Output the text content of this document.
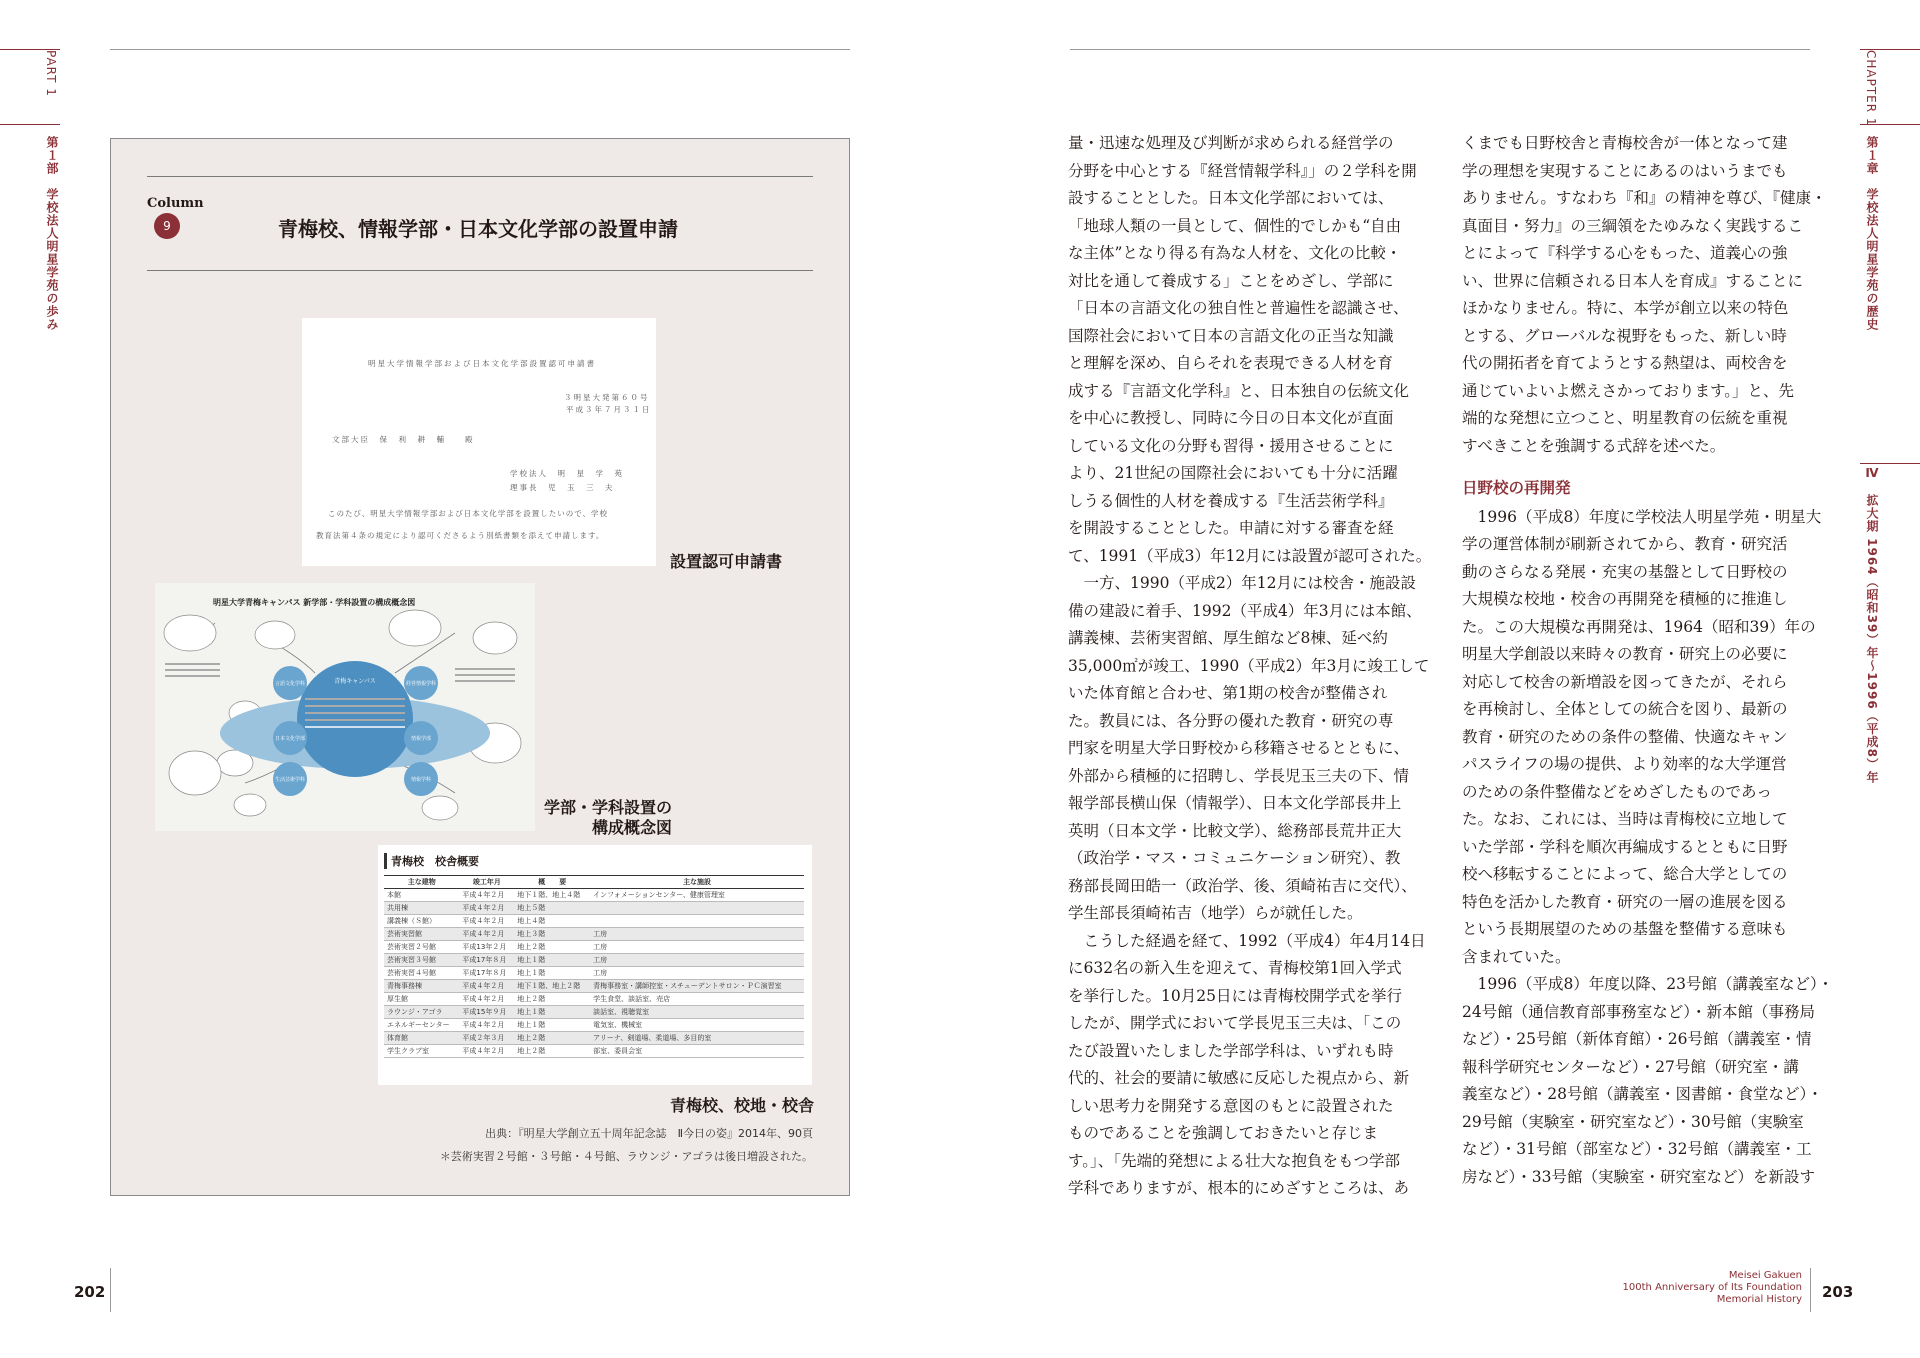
PART 1
第１部　学校法人明星学苑の歩み
CHAPTER 1
第１章　学校法人明星学苑の歴史
Ⅳ　拡大期 1964（昭和39）年〜1996（平成8）年
202
Meisei Gakuen
100th Anniversary of Its Foundation
Memorial History 203
Column
9	青梅校、情報学部・日本文化学部の設置申請
明星大学情報学部および日本文化学部設置認可申請書
３明星大発第６０号
平成３年７月３１日
文部大臣　保　利　耕　輔　　殿
学校法人　明　星　学　苑
理事長　児　玉　三　夫
このたび、明星大学情報学部および日本文化学部を設置したいので、学校
教育法第４条の規定により認可くださるよう別紙書類を添えて申請します。
設置認可申請書
明星大学青梅キャンパス 新学部・学科設置の構成概念図
青梅キャンパス
日本文化学部	情報学部
言語文化学科	経営情報学科
生活芸術学科	情報学科
学部・学科設置の
構成概念図
青梅校　校舎概要
主な建物	竣工年月	概　　要	主な施設
本館	平成４年２月	地下１階、地上４階	インフォメーションセンター、健康管理室
共用棟	平成４年２月	地上５階	
講義棟（Ｓ館）	平成４年２月	地上４階	
芸術実習館	平成４年２月	地上３階	工房
芸術実習２号館	平成13年２月	地上２階	工房
芸術実習３号館	平成17年８月	地上１階	工房
芸術実習４号館	平成17年８月	地上１階	工房
青梅事務棟	平成４年２月	地下１階、地上２階	青梅事務室・講師控室・スチューデントサロン・ＰＣ演習室
厚生館	平成４年２月	地上２階	学生食堂、談話室、売店
ラウンジ・アゴラ	平成15年９月	地上１階	談話室、視聴覚室
エネルギーセンター	平成４年２月	地上１階	電気室、機械室
体育館	平成２年３月	地上２階	アリーナ、剣道場、柔道場、多目的室
学生クラブ室	平成４年２月	地上２階	部室、委員会室
青梅校、校地・校舎
出典：『明星大学創立五十周年記念誌　Ⅱ今日の姿』2014年、90頁
＊芸術実習２号館・３号館・４号館、ラウンジ・アゴラは後日増設された。

量・迅速な処理及び判断が求められる経営学の

分野を中心とする『経営情報学科』」の２学科を開

設することとした。日本文化学部においては、

「地球人類の一員として、個性的でしかも“自由

な主体”となり得る有為な人材を、文化の比較・

対比を通して養成する」ことをめざし、学部に

「日本の言語文化の独自性と普遍性を認識させ、

国際社会において日本の言語文化の正当な知識

と理解を深め、自らそれを表現できる人材を育

成する『言語文化学科』と、日本独自の伝統文化

を中心に教授し、同時に今日の日本文化が直面

している文化の分野も習得・援用させることに

より、21世紀の国際社会においても十分に活躍

しうる個性的人材を養成する『生活芸術学科』

を開設することとした。申請に対する審査を経

て、1991（平成3）年12月には設置が認可された。

　一方、1990（平成2）年12月には校舎・施設設

備の建設に着手、1992（平成4）年3月には本館、

講義棟、芸術実習館、厚生館など8棟、延べ約

35,000㎡が竣工、1990（平成2）年3月に竣工して

いた体育館と合わせ、第1期の校舎が整備され

た。教員には、各分野の優れた教育・研究の専

門家を明星大学日野校から移籍させるとともに、

外部から積極的に招聘し、学長児玉三夫の下、情

報学部長横山保（情報学）、日本文化学部長井上

英明（日本文学・比較文学）、総務部長荒井正大

（政治学・マス・コミュニケーション研究）、教

務部長岡田皓一（政治学、後、須崎祐吉に交代）、

学生部長須崎祐吉（地学）らが就任した。

　こうした経過を経て、1992（平成4）年4月14日

に632名の新入生を迎えて、青梅校第1回入学式

を挙行した。10月25日には青梅校開学式を挙行

したが、開学式において学長児玉三夫は、「この

たび設置いたしました学部学科は、いずれも時

代的、社会的要請に敏感に反応した視点から、新

しい思考力を開発する意図のもとに設置された

ものであることを強調しておきたいと存じま

す。」、「先端的発想による壮大な抱負をもつ学部

学科でありますが、根本的にめざすところは、あ

くまでも日野校舎と青梅校舎が一体となって建

学の理想を実現することにあるのはいうまでも

ありません。すなわち『和』の精神を尊び、『健康・

真面目・努力』の三綱領をたゆみなく実践するこ

とによって『科学する心をもった、道義心の強

い、世界に信頼される日本人を育成』することに

ほかなりません。特に、本学が創立以来の特色

とする、グローバルな視野をもった、新しい時

代の開拓者を育てようとする熱望は、両校舎を

通じていよいよ燃えさかっております。」と、先

端的な発想に立つこと、明星教育の伝統を重視

すべきことを強調する式辞を述べた。

日野校の再開発

　1996（平成8）年度に学校法人明星学苑・明星大

学の運営体制が刷新されてから、教育・研究活

動のさらなる発展・充実の基盤として日野校の

大規模な校地・校舎の再開発を積極的に推進し

た。この大規模な再開発は、1964（昭和39）年の

明星大学創設以来時々の教育・研究上の必要に

対応して校舎の新増設を図ってきたが、それら

を再検討し、全体としての統合を図り、最新の

教育・研究のための条件の整備、快適なキャン

パスライフの場の提供、より効率的な大学運営

のための条件整備などをめざしたものであっ

た。なお、これには、当時は青梅校に立地して

いた学部・学科を順次再編成するとともに日野

校へ移転することによって、総合大学としての

特色を活かした教育・研究の一層の進展を図る

という長期展望のための基盤を整備する意味も

含まれていた。

　1996（平成8）年度以降、23号館（講義室など）・

24号館（通信教育部事務室など）・新本館（事務局

など）・25号館（新体育館）・26号館（講義室・情

報科学研究センターなど）・27号館（研究室・講

義室など）・28号館（講義室・図書館・食堂など）・

29号館（実験室・研究室など）・30号館（実験室

など）・31号館（部室など）・32号館（講義室・工

房など）・33号館（実験室・研究室など）を新設す
